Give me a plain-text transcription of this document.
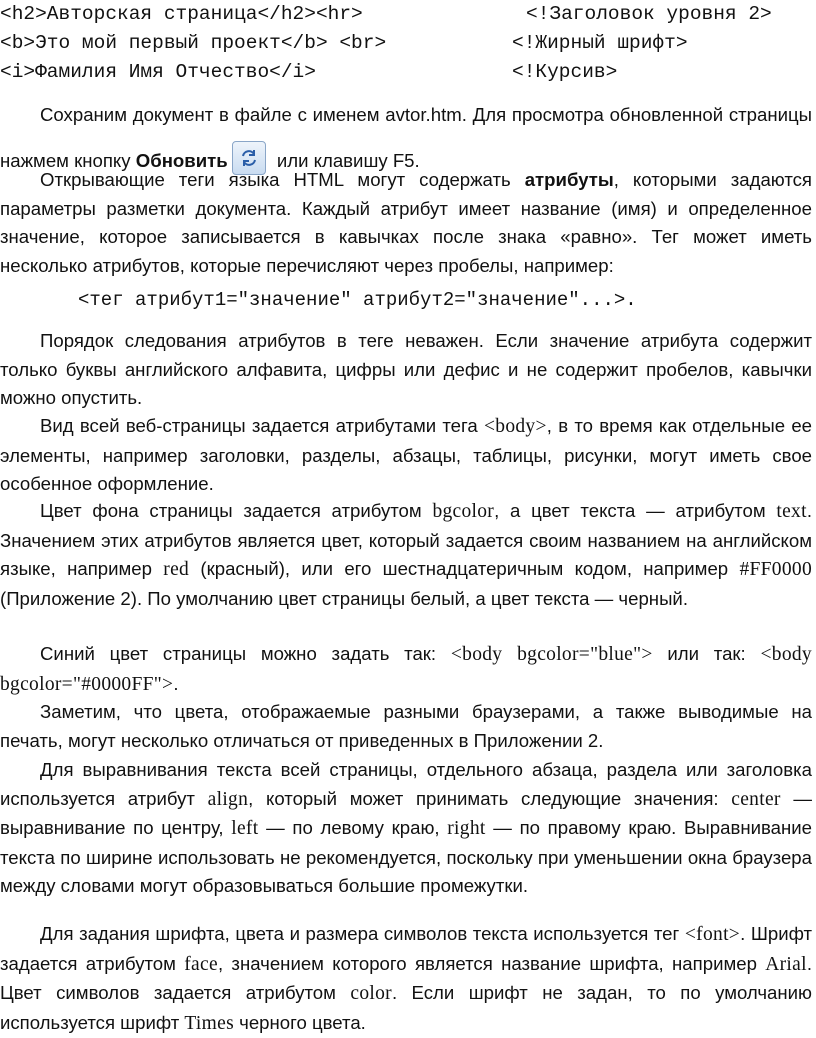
<h2>Авторская страница</h2><hr>	<!Заголовок уровня 2>
<b>Это мой первый проект</b> <br>	<!Жирный шрифт>
<i>Фамилия Имя Отчество</i>	<!Курсив>

Сохраним документ в файле с именем avtor.htm. Для просмотра обновленной страницы нажмем кнопку Обновить
или клавишу F5.

Открывающие теги языка HTML могут содержать атрибуты, которыми задаются параметры разметки документа. Каждый атрибут имеет название (имя) и определенное значение, которое записывается в кавычках после знака «равно». Тег может иметь несколько атрибутов, которые перечисляют через пробелы, например:

<тег атрибут1="значение" атрибут2="значение"...>.

Порядок следования атрибутов в теге неважен. Если значение атрибута содержит только буквы английского алфавита, цифры или дефис и не содержит пробелов, кавычки можно опустить.

Вид всей веб-страницы задается атрибутами тега <body>, в то время как отдельные ее элементы, например заголовки, разделы, абзацы, таблицы, рисунки, могут иметь свое особенное оформление.

Цвет фона страницы задается атрибутом bgcolor, а цвет текста — атрибутом text. Значением этих атрибутов является цвет, который задается своим названием на английском языке, например red (красный), или его шестнадцатеричным кодом, например #FF0000 (Приложение 2). По умолчанию цвет страницы белый, а цвет текста — черный.

Синий цвет страницы можно задать так: <body bgcolor="blue"> или так: <body bgcolor="#0000FF">.

Заметим, что цвета, отображаемые разными браузерами, а также выводимые на печать, могут несколько отличаться от приведенных в Приложении 2.

Для выравнивания текста всей страницы, отдельного абзаца, раздела или заголовка используется атрибут align, который может принимать следующие значения: center — выравнивание по центру, left — по левому краю, right — по правому краю. Выравнивание текста по ширине использовать не рекомендуется, поскольку при уменьшении окна браузера между словами могут образовываться большие промежутки.

Для задания шрифта, цвета и размера символов текста используется тег <font>. Шрифт задается атрибутом face, значением которого является название шрифта, например Arial. Цвет символов задается атрибутом color. Если шрифт не задан, то по умолчанию используется шрифт Times черного цвета.
